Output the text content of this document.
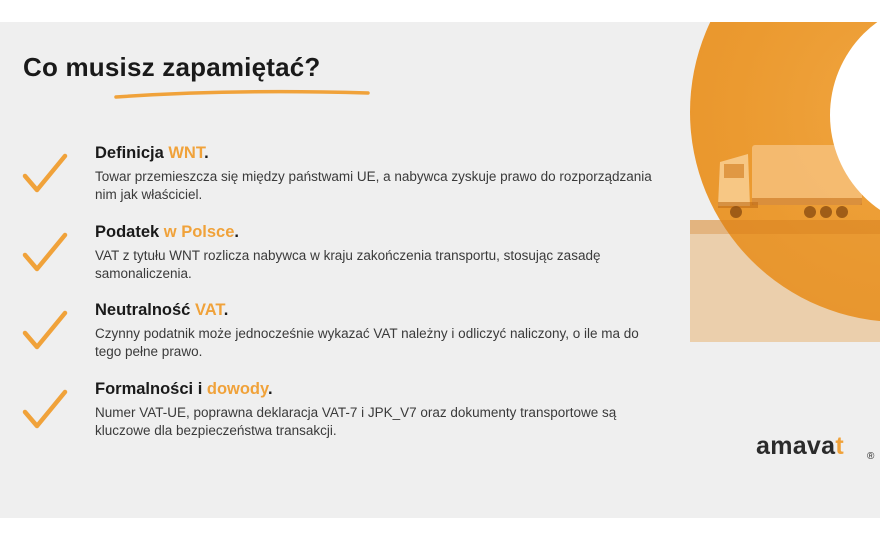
Co musisz zapamiętać?
Definicja WNT.
Towar przemieszcza się między państwami UE, a nabywca zyskuje prawo do rozporządzania nim jak właściciel.
Podatek w Polsce.
VAT z tytułu WNT rozlicza nabywca w kraju zakończenia transportu, stosując zasadę samonaliczenia.
Neutralność VAT.
Czynny podatnik może jednocześnie wykazać VAT należny i odliczyć naliczony, o ile ma do tego pełne prawo.
Formalności i dowody.
Numer VAT-UE, poprawna deklaracja VAT-7 i JPK_V7 oraz dokumenty transportowe są kluczowe dla bezpieczeństwa transakcji.
amavat ®
